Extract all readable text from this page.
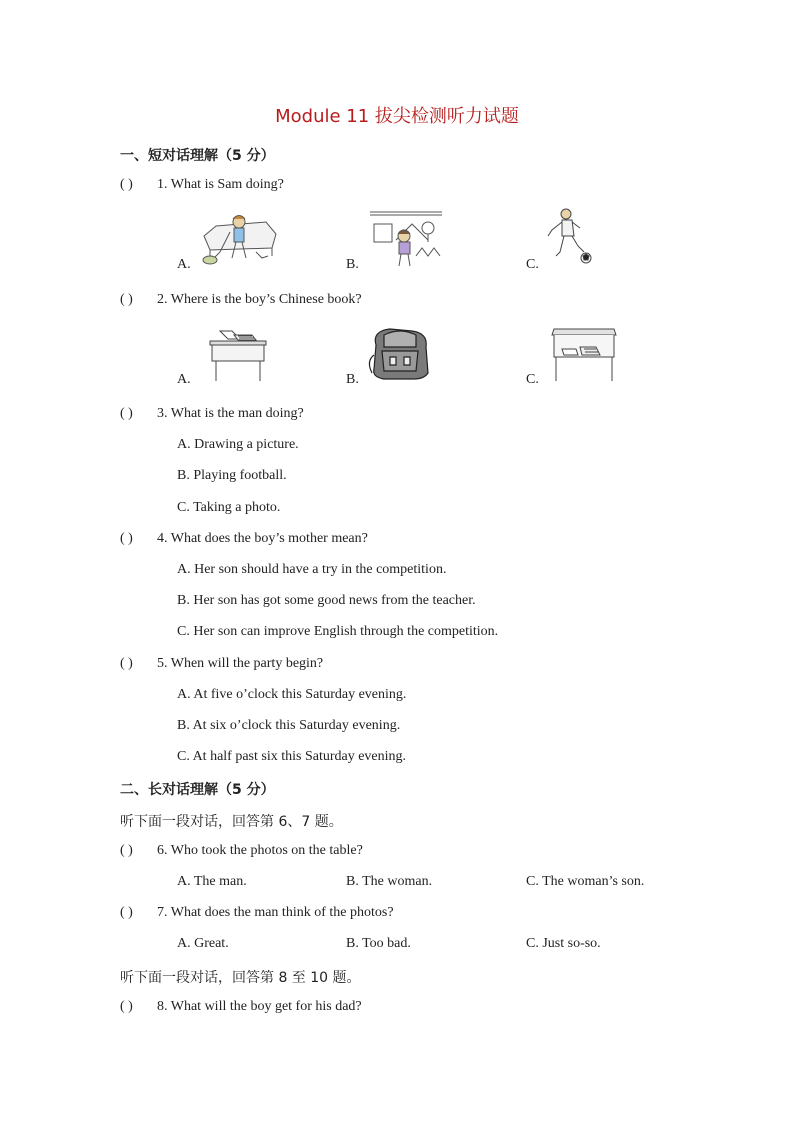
Module 11 拔尖检测听力试题
一、短对话理解（5 分）
( ) 1. What is Sam doing?
A.	B.	C.
( ) 2. Where is the boy’s Chinese book?
A.	B.	C.
( ) 3. What is the man doing?
A. Drawing a picture.
B. Playing football.
C. Taking a photo.
( ) 4. What does the boy’s mother mean?
A. Her son should have a try in the competition.
B. Her son has got some good news from the teacher.
C. Her son can improve English through the competition.
( ) 5. When will the party begin?
A. At five o’clock this Saturday evening.
B. At six o’clock this Saturday evening.
C. At half past six this Saturday evening.
二、长对话理解（5 分）
听下面一段对话，回答第 6、7 题。
( ) 6. Who took the photos on the table?
A. The man.	B. The woman.	C. The woman’s son.
( ) 7. What does the man think of the photos?
A. Great.	B. Too bad.	C. Just so-so.
听下面一段对话，回答第 8 至 10 题。
( ) 8. What will the boy get for his dad?
